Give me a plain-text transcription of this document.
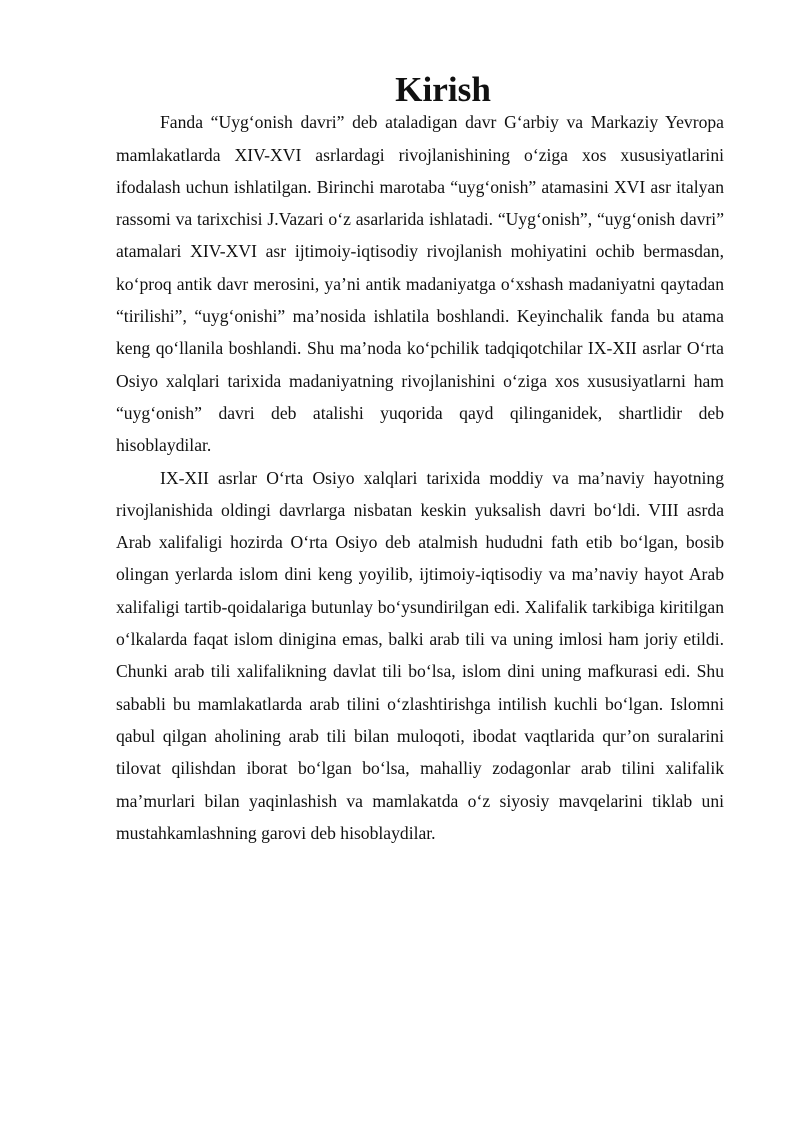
Kirish

Fanda “Uygʻonish davri” deb ataladigan davr Gʻarbiy va Markaziy Yevropa mamlakatlarda XIV-XVI asrlardagi rivojlanishining oʻziga xos xususiyatlarini ifodalash uchun ishlatilgan. Birinchi marotaba “uygʻonish” atamasini XVI asr italyan rassomi va tarixchisi J.Vazari oʻz asarlarida ishlatadi. “Uygʻonish”, “uygʻonish davri” atamalari XIV-XVI asr ijtimoiy-iqtisodiy rivojlanish mohiyatini ochib bermasdan, koʻproq antik davr merosini, ya’ni antik madaniyatga oʻxshash madaniyatni qaytadan “tirilishi”, “uygʻonishi” ma’nosida ishlatila boshlandi. Keyinchalik fanda bu atama keng qoʻllanila boshlandi. Shu ma’noda koʻpchilik tadqiqotchilar IX-XII asrlar Oʻrta Osiyo xalqlari tarixida madaniyatning rivojlanishini oʻziga xos xususiyatlarni ham “uygʻonish” davri deb atalishi yuqorida qayd qilinganidek, shartlidir deb hisoblaydilar.

IX-XII asrlar Oʻrta Osiyo xalqlari tarixida moddiy va ma’naviy hayotning rivojlanishida oldingi davrlarga nisbatan keskin yuksalish davri boʻldi. VIII asrda Arab xalifaligi hozirda Oʻrta Osiyo deb atalmish hududni fath etib boʻlgan, bosib olingan yerlarda islom dini keng yoyilib, ijtimoiy-iqtisodiy va ma’naviy hayot Arab xalifaligi tartib-qoidalariga butunlay boʻysundirilgan edi. Xalifalik tarkibiga kiritilgan oʻlkalarda faqat islom dinigina emas, balki arab tili va uning imlosi ham joriy etildi. Chunki arab tili xalifalikning davlat tili boʻlsa, islom dini uning mafkurasi edi. Shu sababli bu mamlakatlarda arab tilini oʻzlashtirishga intilish kuchli boʻlgan. Islomni qabul qilgan aholining arab tili bilan muloqoti, ibodat vaqtlarida qur’on suralarini tilovat qilishdan iborat boʻlgan boʻlsa, mahalliy zodagonlar arab tilini xalifalik ma’murlari bilan yaqinlashish va mamlakatda oʻz siyosiy mavqelarini tiklab uni mustahkamlashning garovi deb hisoblaydilar.
